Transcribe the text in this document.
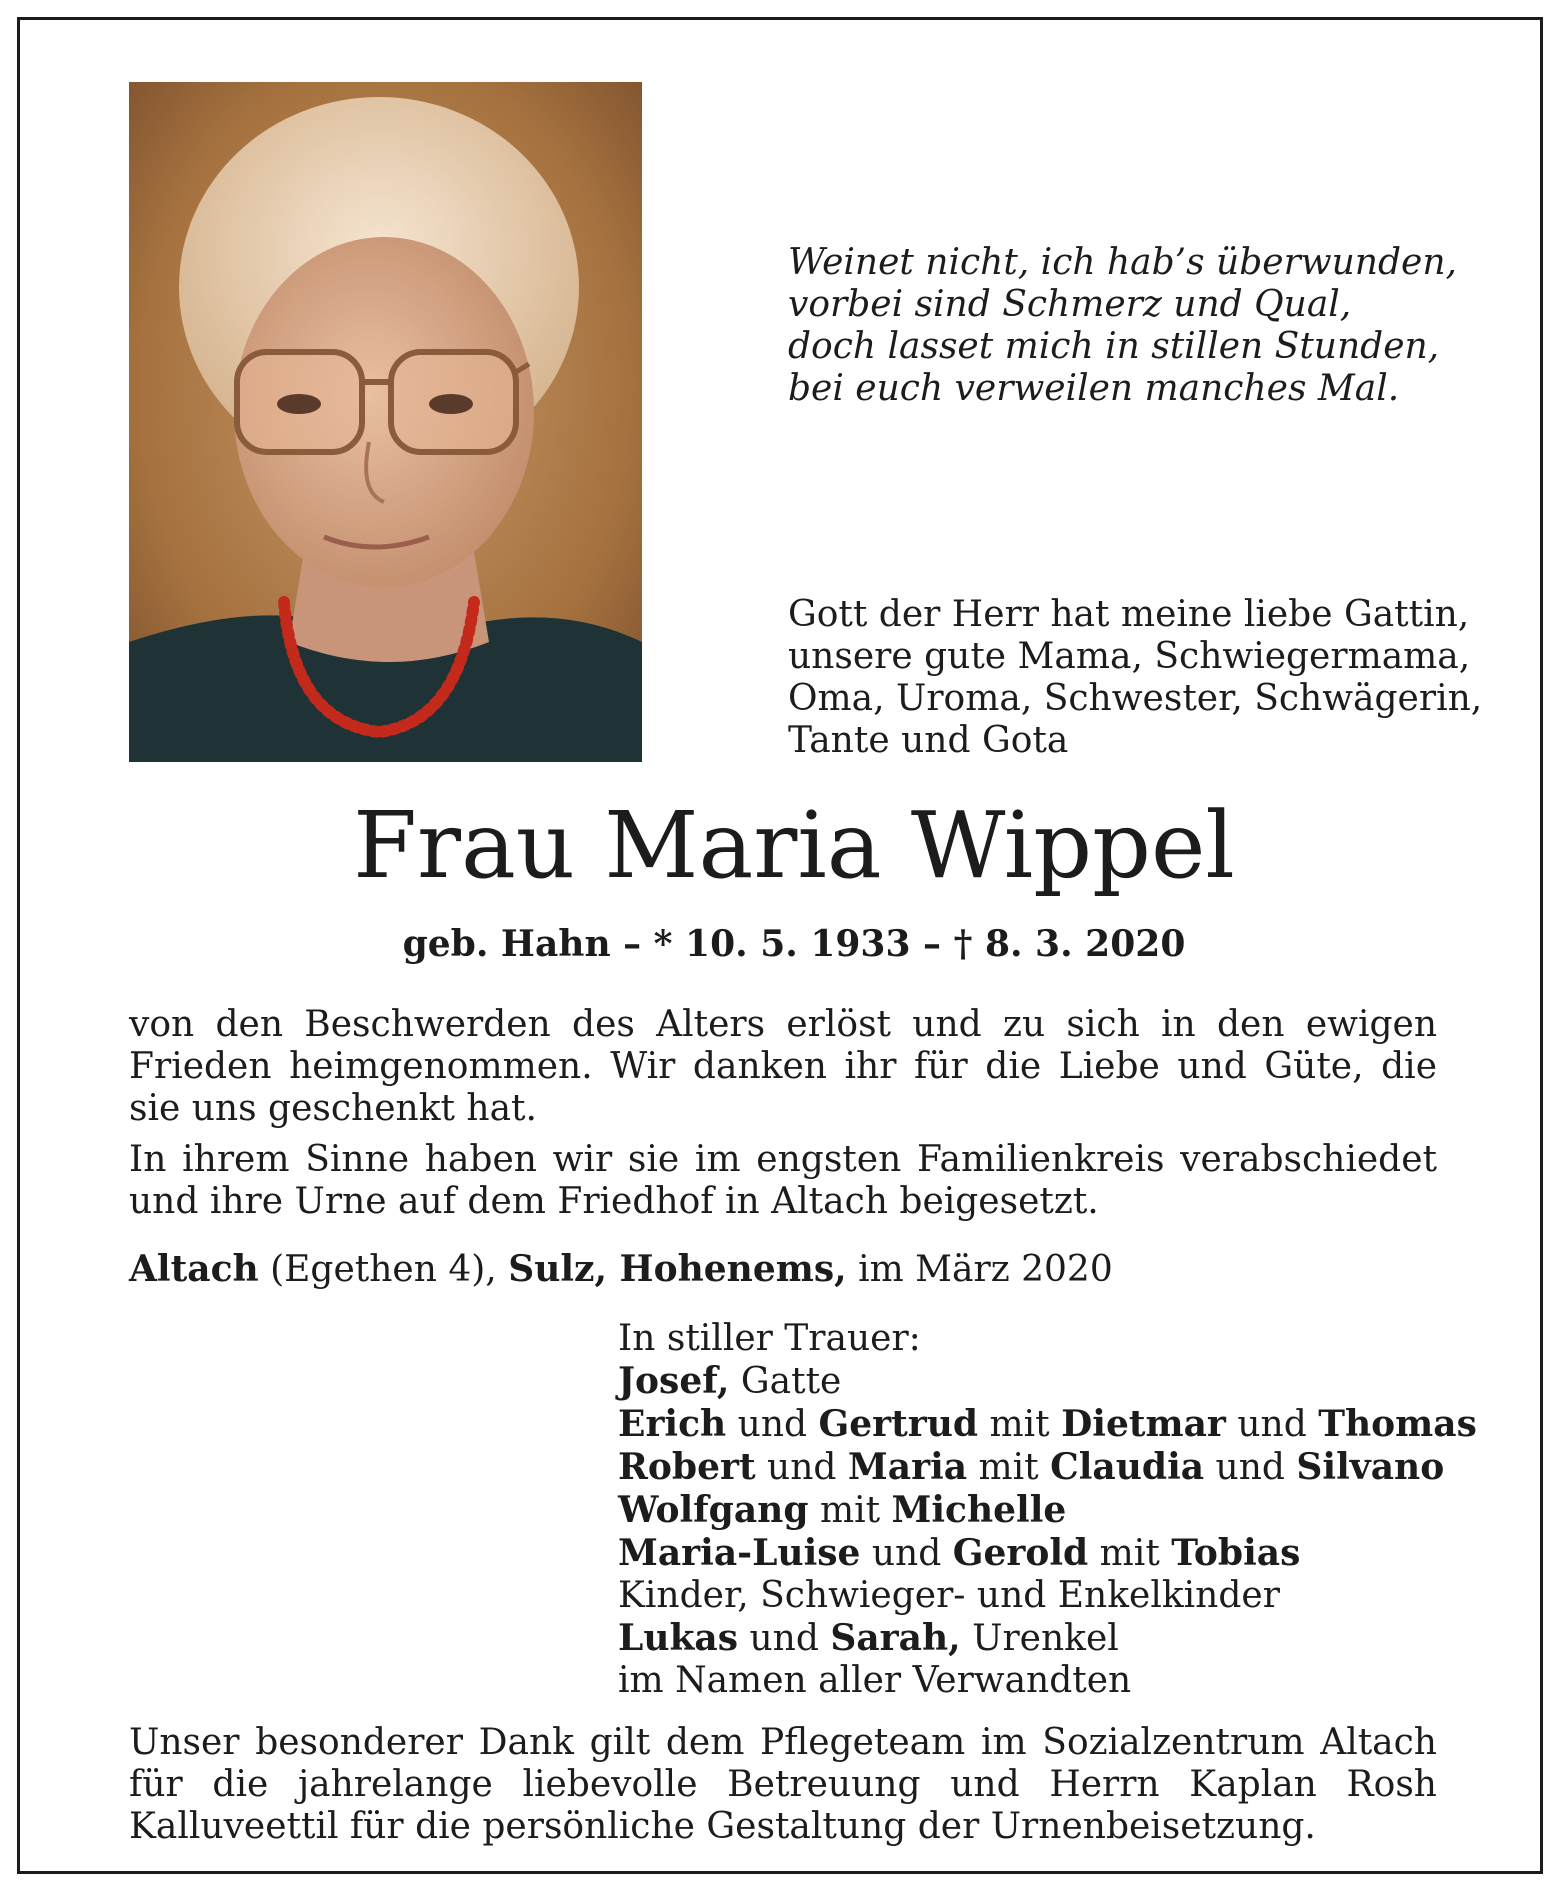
Weinet nicht, ich hab’s überwunden,
vorbei sind Schmerz und Qual,
doch lasset mich in stillen Stunden,
bei euch verweilen manches Mal.
Gott der Herr hat meine liebe Gattin,
unsere gute Mama, Schwiegermama,
Oma, Uroma, Schwester, Schwägerin,
Tante und Gota
Frau Maria Wippel
geb. Hahn – * 10. 5. 1933 – † 8. 3. 2020
von den Beschwerden des Alters erlöst und zu sich in den ewigen Frieden heimgenommen. Wir danken ihr für die Liebe und Güte, die sie uns geschenkt hat.
In ihrem Sinne haben wir sie im engsten Familienkreis verabschiedet und ihre Urne auf dem Friedhof in Altach beigesetzt.
Altach (Egethen 4), Sulz, Hohenems, im März 2020
In stiller Trauer:
Josef, Gatte
Erich und Gertrud mit Dietmar und Thomas
Robert und Maria mit Claudia und Silvano
Wolfgang mit Michelle
Maria-Luise und Gerold mit Tobias
Kinder, Schwieger- und Enkelkinder
Lukas und Sarah, Urenkel
im Namen aller Verwandten
Unser besonderer Dank gilt dem Pflegeteam im Sozialzentrum Altach für die jahrelange liebevolle Betreuung und Herrn Kaplan Rosh Kalluveettil für die persönliche Gestaltung der Urnenbeisetzung.
